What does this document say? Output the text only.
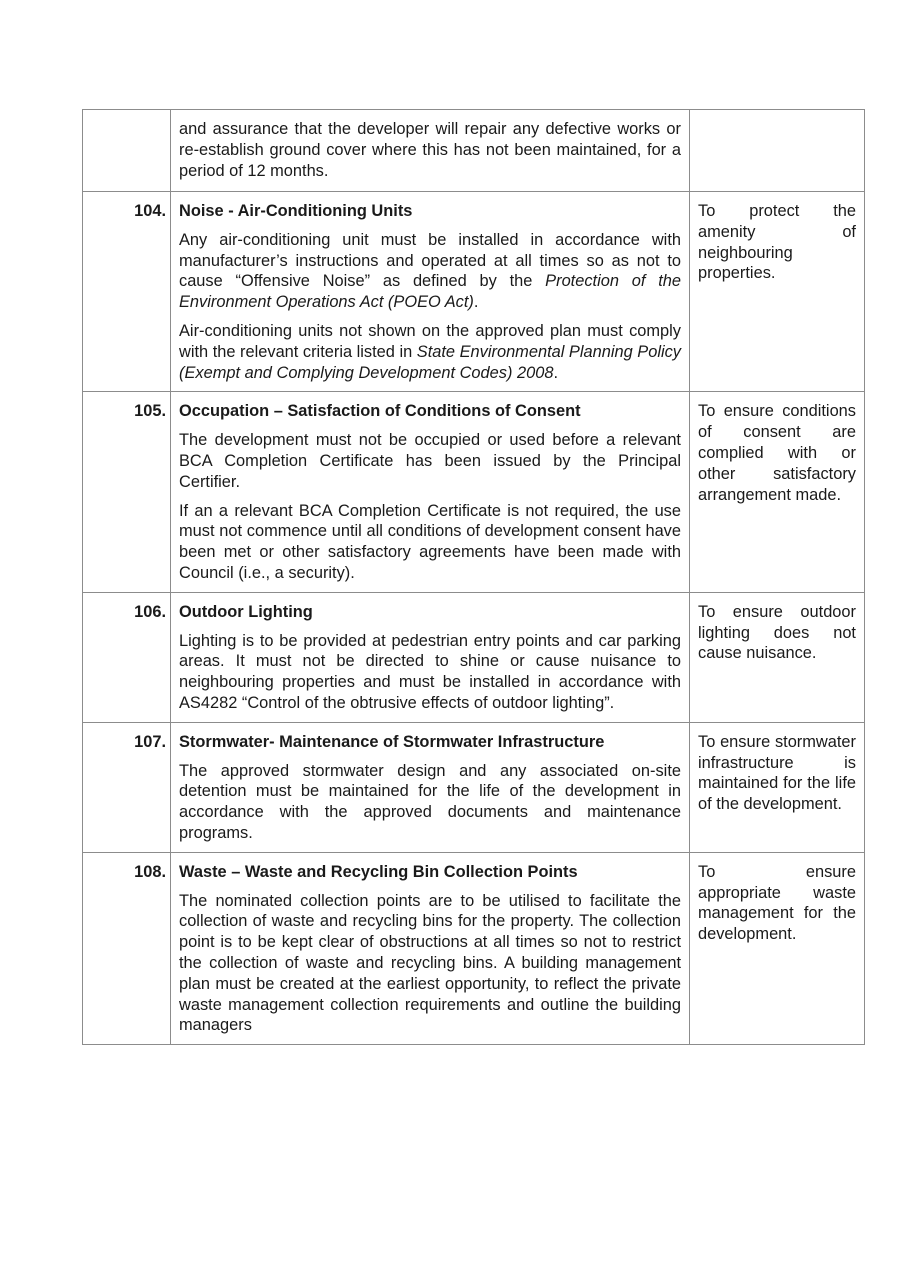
	and assurance that the developer will repair any defective works or re-establish ground cover where this has not been maintained, for a period of 12 months.	

104.	Noise - Air-Conditioning Units

Any air-conditioning unit must be installed in accordance with manufacturer’s instructions and operated at all times so as not to cause “Offensive Noise” as defined by the Protection of the Environment Operations Act (POEO Act).

Air-conditioning units not shown on the approved plan must comply with the relevant criteria listed in State Environmental Planning Policy (Exempt and Complying Development Codes) 2008.	To protect the amenity of neighbouring properties.
105.	Occupation – Satisfaction of Conditions of Consent

The development must not be occupied or used before a relevant BCA Completion Certificate has been issued by the Principal Certifier.

If an a relevant BCA Completion Certificate is not required, the use must not commence until all conditions of development consent have been met or other satisfactory agreements have been made with Council (i.e., a security).	To ensure conditions of consent are complied with or other satisfactory arrangement made.
106.	Outdoor Lighting

Lighting is to be provided at pedestrian entry points and car parking areas. It must not be directed to shine or cause nuisance to neighbouring properties and must be installed in accordance with AS4282 “Control of the obtrusive effects of outdoor lighting”.	To ensure outdoor lighting does not cause nuisance.
107.	Stormwater- Maintenance of Stormwater Infrastructure

The approved stormwater design and any associated on-site detention must be maintained for the life of the development in accordance with the approved documents and maintenance programs.	To ensure stormwater infrastructure is maintained for the life of the development.
108.	Waste – Waste and Recycling Bin Collection Points

The nominated collection points are to be utilised to facilitate the collection of waste and recycling bins for the property. The collection point is to be kept clear of obstructions at all times so not to restrict the collection of waste and recycling bins. A building management plan must be created at the earliest opportunity, to reflect the private waste management collection requirements and outline the building managers	To ensure appropriate waste management for the development.
